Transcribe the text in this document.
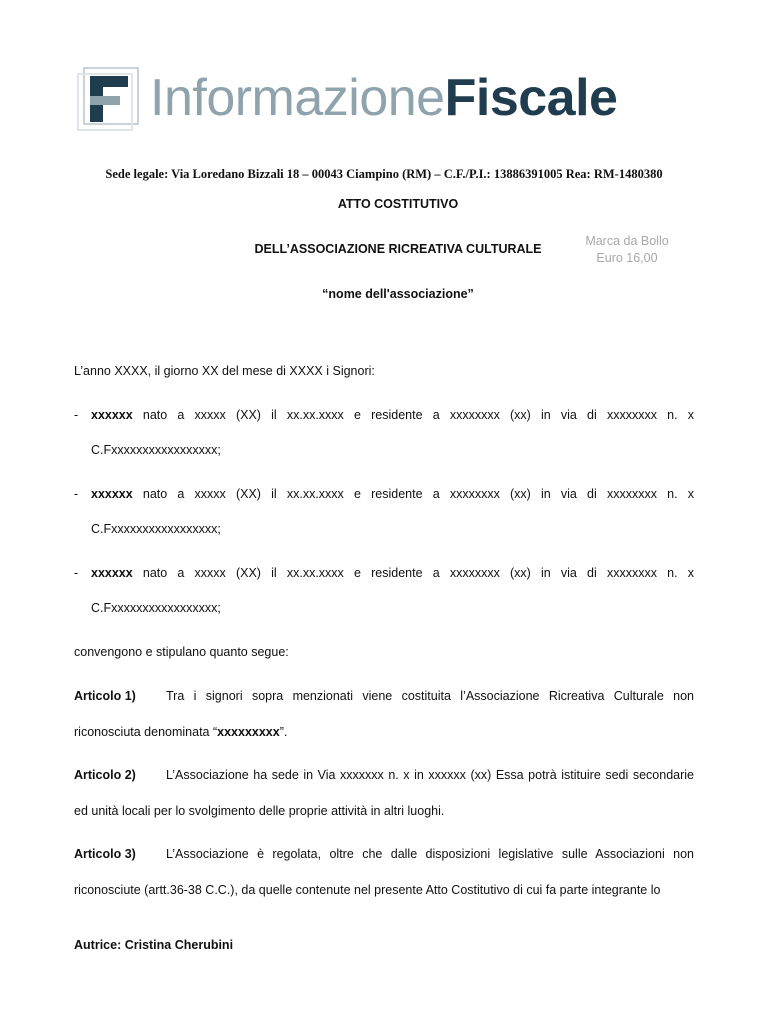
InformazioneFiscale
Sede legale: Via Loredano Bizzali 18 – 00043 Ciampino (RM) – C.F./P.I.: 13886391005 Rea: RM-1480380
ATTO COSTITUTIVO
DELL’ASSOCIAZIONE RICREATIVA CULTURALE
“nome dell'associazione”
Marca da Bollo
Euro 16,00
L’anno XXXX, il giorno XX del mese di XXXX i Signori:
- xxxxxx nato a xxxxx (XX) il xx.xx.xxxx e residente a xxxxxxxx (xx) in via di xxxxxxxx n. x
C.Fxxxxxxxxxxxxxxxxx;
- xxxxxx nato a xxxxx (XX) il xx.xx.xxxx e residente a xxxxxxxx (xx) in via di xxxxxxxx n. x
C.Fxxxxxxxxxxxxxxxxx;
- xxxxxx nato a xxxxx (XX) il xx.xx.xxxx e residente a xxxxxxxx (xx) in via di xxxxxxxx n. x
C.Fxxxxxxxxxxxxxxxxx;
convengono e stipulano quanto segue:
Articolo 1) Tra i signori sopra menzionati viene costituita l’Associazione Ricreativa Culturale non
riconosciuta denominata “xxxxxxxxx”.
Articolo 2) L’Associazione ha sede in Via xxxxxxx n. x in xxxxxx (xx) Essa potrà istituire sedi secondarie
ed unità locali per lo svolgimento delle proprie attività in altri luoghi.
Articolo 3) L’Associazione è regolata, oltre che dalle disposizioni legislative sulle Associazioni non
riconosciute (artt.36-38 C.C.), da quelle contenute nel presente Atto Costitutivo di cui fa parte integrante lo
Autrice: Cristina Cherubini
